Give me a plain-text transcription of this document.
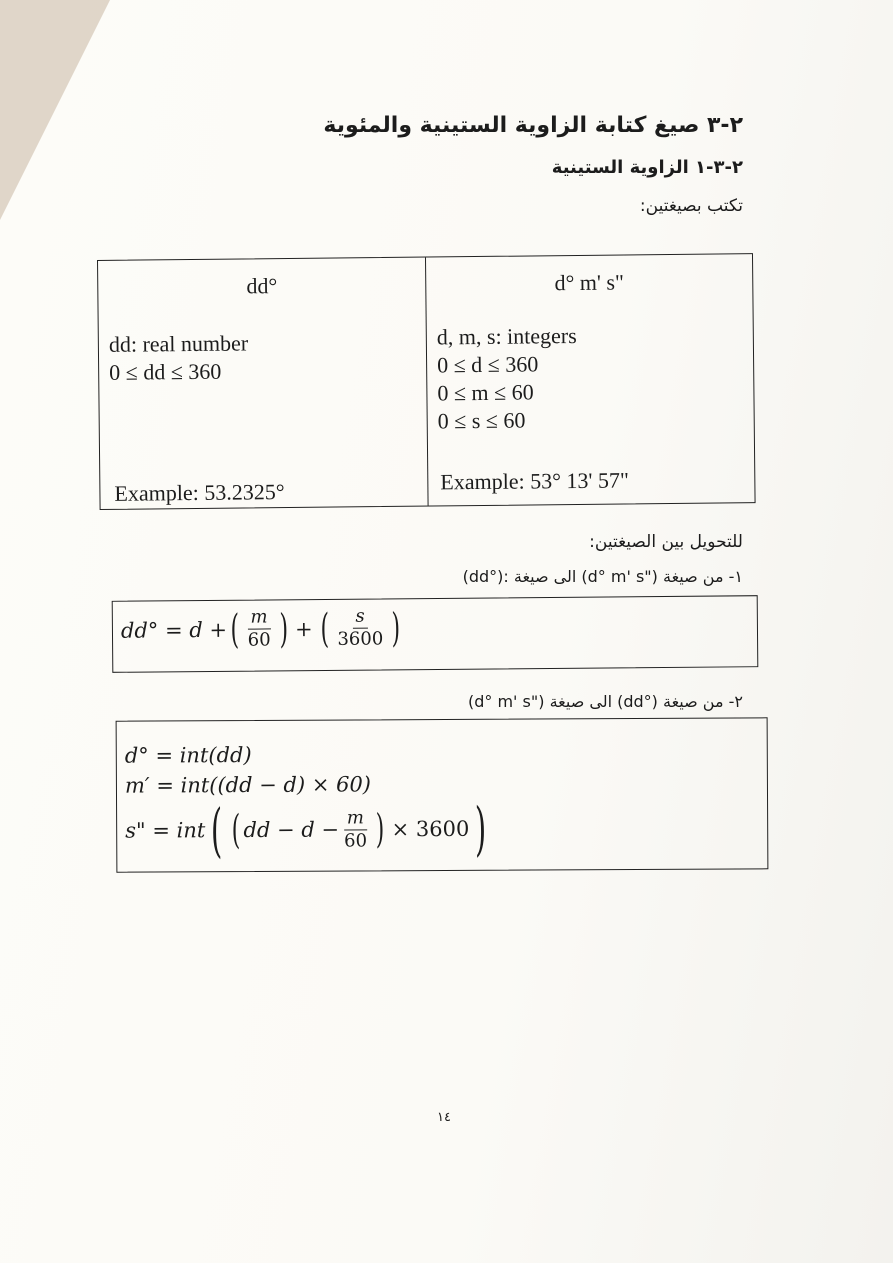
٢-٣ صيغ كتابة الزاوية الستينية والمئوية
٢-٣-١ الزاوية الستينية
تكتب بصيغتين:
dd°
dd: real number
0 ≤ dd ≤ 360
Example: 53.2325°
d° m' s"
d, m, s: integers
0 ≤ d ≤ 360
0 ≤ m ≤ 60
0 ≤ s ≤ 60
Example: 53° 13' 57"
للتحويل بين الصيغتين:
١- من صيغة (d° m' s") الى صيغة (dd°):
dd° = d + ( $\frac{m}{60}$ ) + ( $\frac{s}{3600}$ )
٢- من صيغة (dd°) الى صيغة (d° m' s")
d° = int(dd)
m′ = int((dd − d) × 60)
s" = int ( ( dd − $d - \frac{m}{60}$ ) × 3600 )
١٤
